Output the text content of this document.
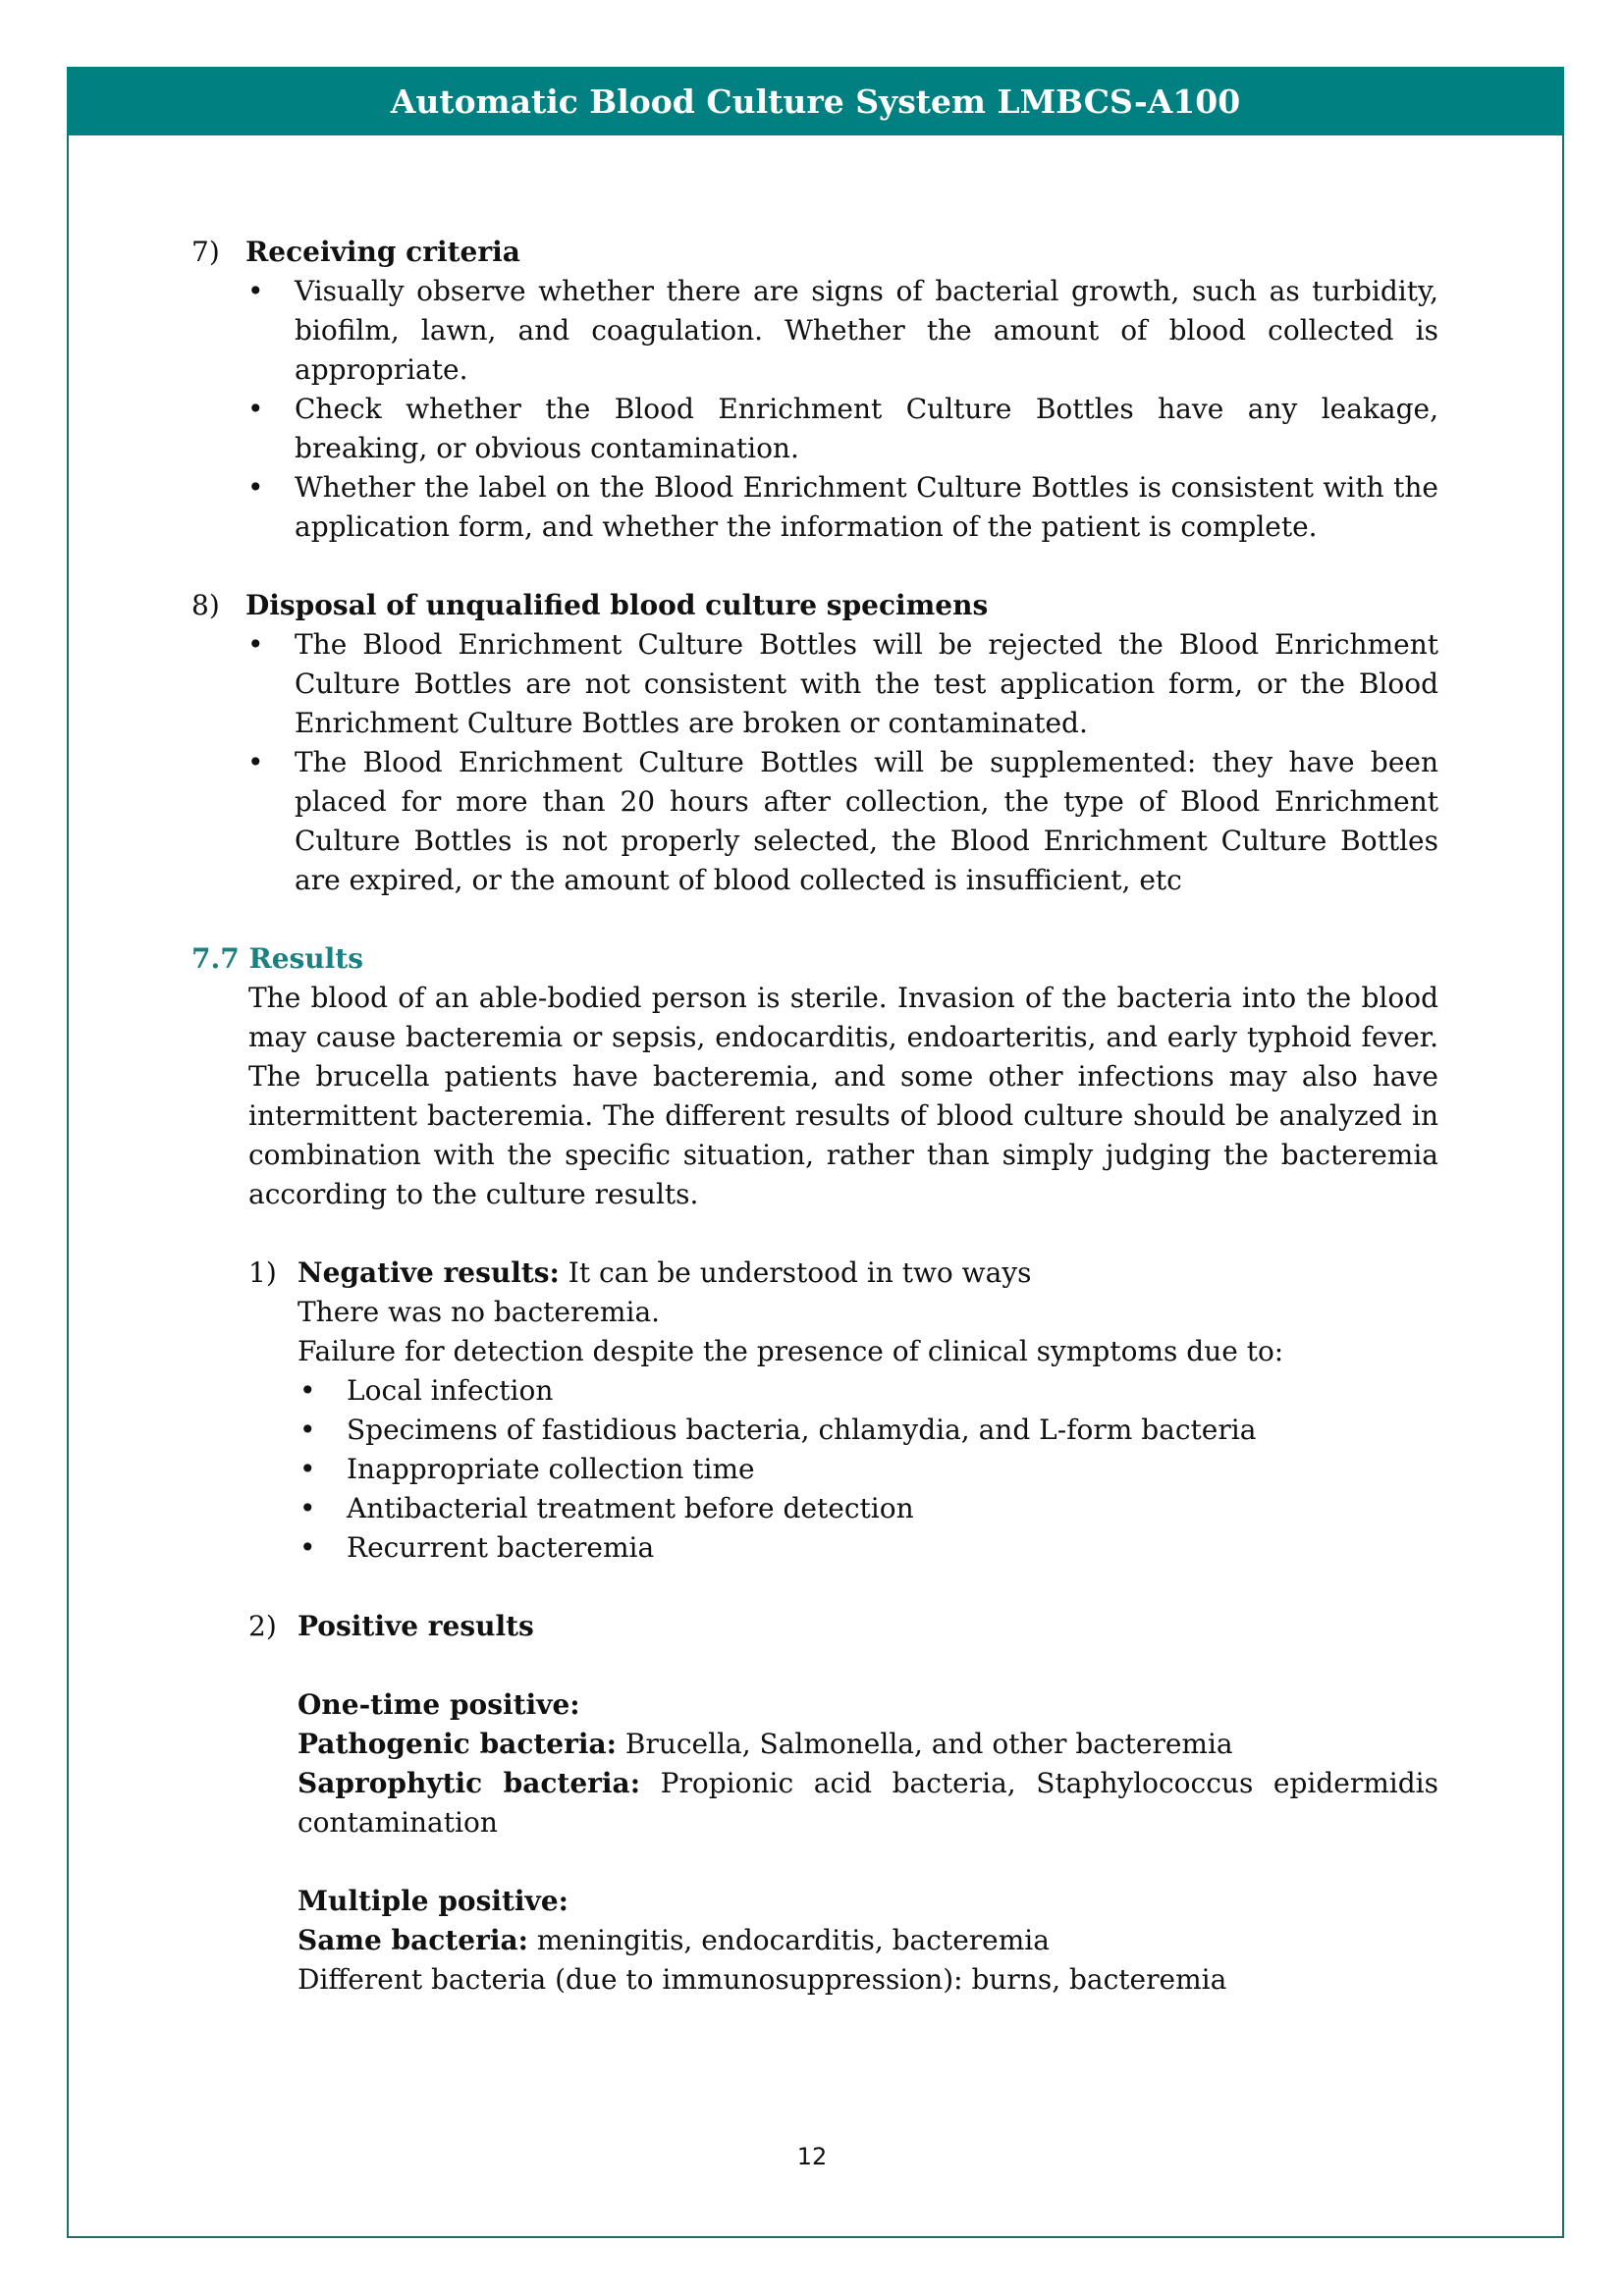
Automatic Blood Culture System LMBCS-A100
7) Receiving criteria
• Visually observe whether there are signs of bacterial growth, such as turbidity, biofilm, lawn, and coagulation. Whether the amount of blood collected is appropriate.
• Check whether the Blood Enrichment Culture Bottles have any leakage, breaking, or obvious contamination.
• Whether the label on the Blood Enrichment Culture Bottles is consistent with the application form, and whether the information of the patient is complete.
8) Disposal of unqualified blood culture specimens
• The Blood Enrichment Culture Bottles will be rejected the Blood Enrichment Culture Bottles are not consistent with the test application form, or the Blood Enrichment Culture Bottles are broken or contaminated.
• The Blood Enrichment Culture Bottles will be supplemented: they have been placed for more than 20 hours after collection, the type of Blood Enrichment Culture Bottles is not properly selected, the Blood Enrichment Culture Bottles are expired, or the amount of blood collected is insufficient, etc
7.7 Results
The blood of an able-bodied person is sterile. Invasion of the bacteria into the blood may cause bacteremia or sepsis, endocarditis, endoarteritis, and early typhoid fever. The brucella patients have bacteremia, and some other infections may also have intermittent bacteremia. The different results of blood culture should be analyzed in combination with the specific situation, rather than simply judging the bacteremia according to the culture results.
1) Negative results: It can be understood in two ways
There was no bacteremia.
Failure for detection despite the presence of clinical symptoms due to:
• Local infection
• Specimens of fastidious bacteria, chlamydia, and L-form bacteria
• Inappropriate collection time
• Antibacterial treatment before detection
• Recurrent bacteremia
2) Positive results
One-time positive:
Pathogenic bacteria: Brucella, Salmonella, and other bacteremia
Saprophytic bacteria: Propionic acid bacteria, Staphylococcus epidermidis contamination
Multiple positive:
Same bacteria: meningitis, endocarditis, bacteremia
Different bacteria (due to immunosuppression): burns, bacteremia
12
